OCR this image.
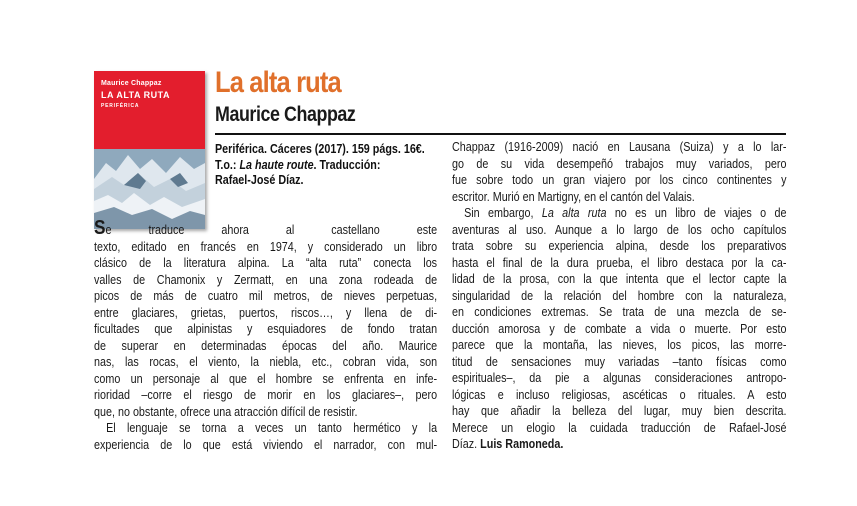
Maurice Chappaz

LA ALTA RUTA

PERIFÉRICA

La alta ruta
Maurice Chappaz
Periférica. Cáceres (2017). 159 págs. 16€.
T.o.: La haute route. Traducción:
Rafael-José Díaz.
Se traduce ahora al castellano este
texto, editado en francés en 1974, y considerado un libro
clásico de la literatura alpina. La “alta ruta” conecta los
valles de Chamonix y Zermatt, en una zona rodeada de
picos de más de cuatro mil metros, de nieves perpetuas,
entre glaciares, grietas, puertos, riscos…, y llena de di-
ficultades que alpinistas y esquiadores de fondo tratan
de superar en determinadas épocas del año. Maurice
nas, las rocas, el viento, la niebla, etc., cobran vida, son
como un personaje al que el hombre se enfrenta en infe-
rioridad –corre el riesgo de morir en los glaciares–, pero
que, no obstante, ofrece una atracción difícil de resistir.
El lenguaje se torna a veces un tanto hermético y la
experiencia de lo que está viviendo el narrador, con mul-
Chappaz (1916-2009) nació en Lausana (Suiza) y a lo lar-
go de su vida desempeñó trabajos muy variados, pero
fue sobre todo un gran viajero por los cinco continentes y
escritor. Murió en Martigny, en el cantón del Valais.
Sin embargo, La alta ruta no es un libro de viajes o de
aventuras al uso. Aunque a lo largo de los ocho capítulos
trata sobre su experiencia alpina, desde los preparativos
hasta el final de la dura prueba, el libro destaca por la ca-
lidad de la prosa, con la que intenta que el lector capte la
singularidad de la relación del hombre con la naturaleza,
en condiciones extremas. Se trata de una mezcla de se-
ducción amorosa y de combate a vida o muerte. Por esto
parece que la montaña, las nieves, los picos, las morre-
titud de sensaciones muy variadas –tanto físicas como
espirituales–, da pie a algunas consideraciones antropo-
lógicas e incluso religiosas, ascéticas o rituales. A esto
hay que añadir la belleza del lugar, muy bien descrita.
Merece un elogio la cuidada traducción de Rafael-José
Díaz. Luis Ramoneda.
